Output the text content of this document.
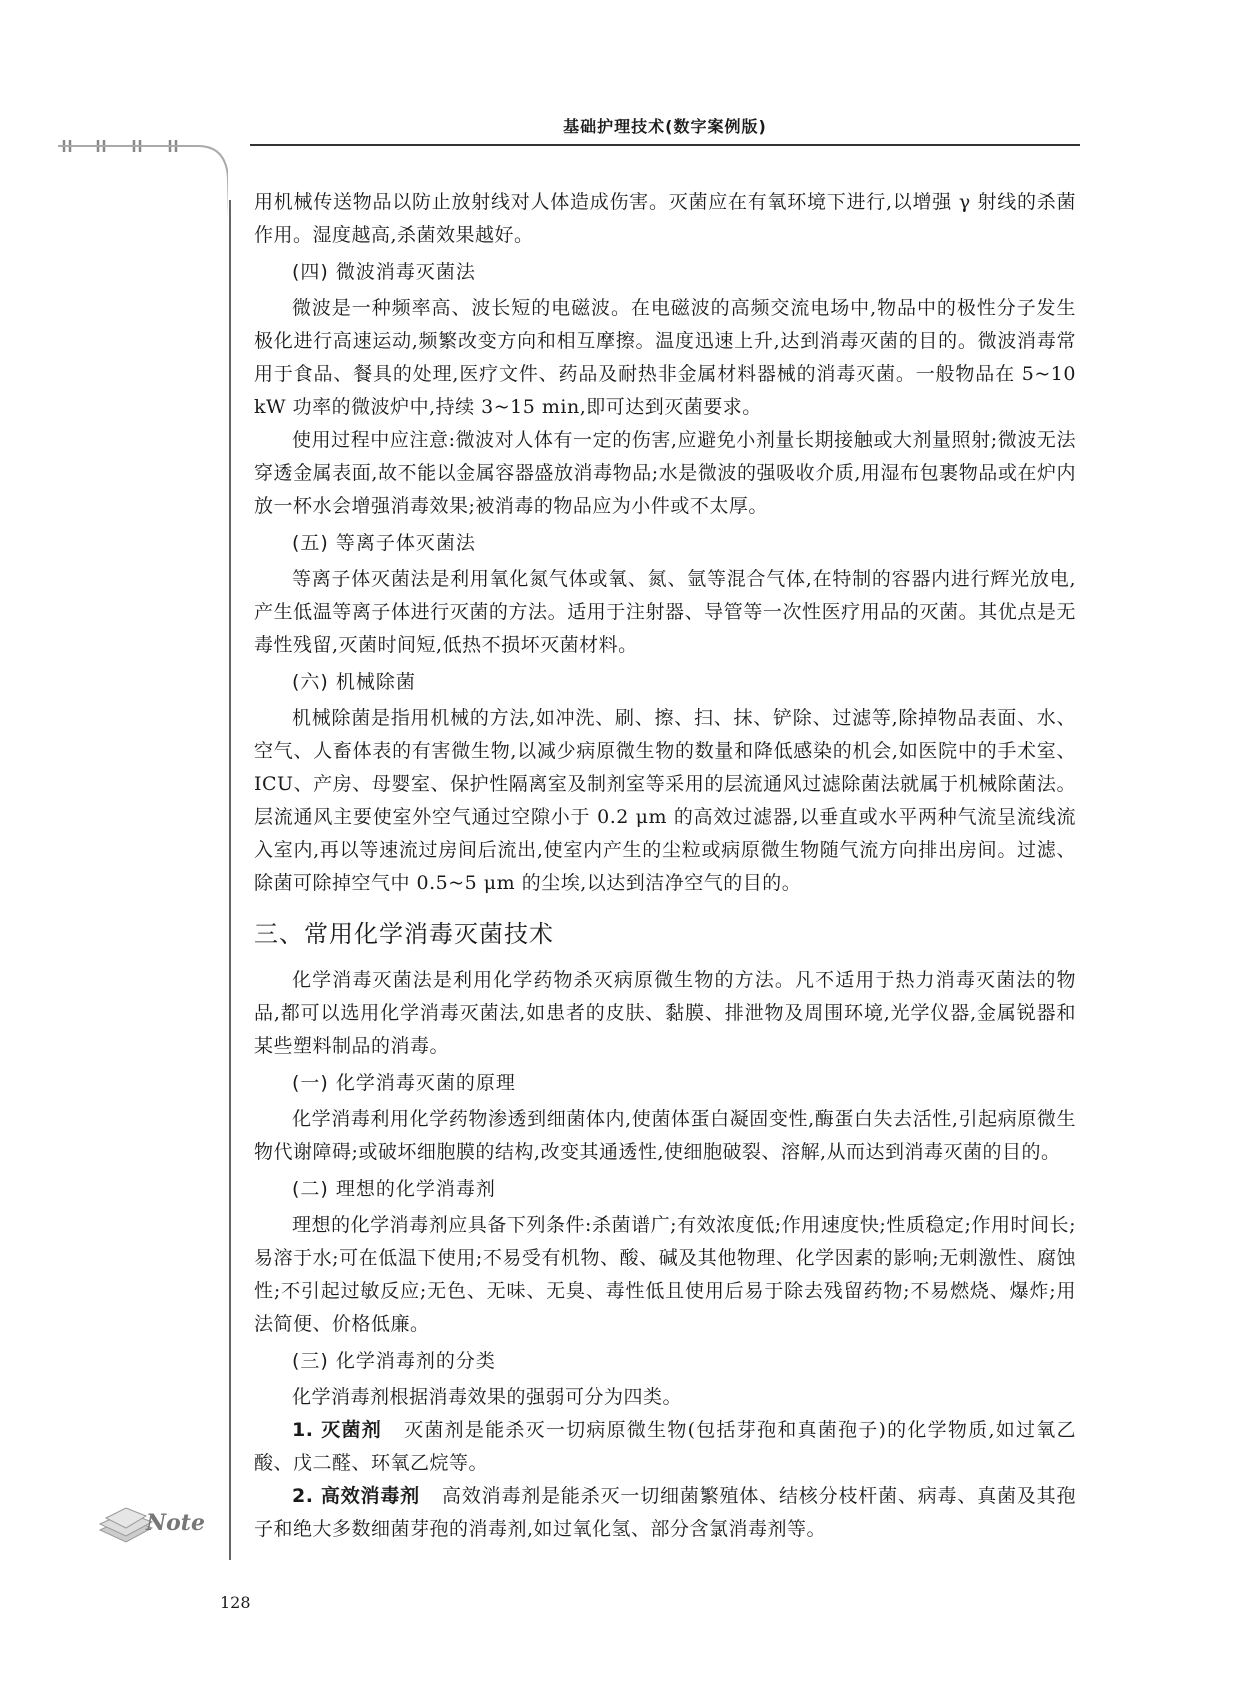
基础护理技术(数字案例版)

用机械传送物品以防止放射线对人体造成伤害。灭菌应在有氧环境下进行,以增强 γ 射线的杀菌作用。湿度越高,杀菌效果越好。

(四) 微波消毒灭菌法

微波是一种频率高、波长短的电磁波。在电磁波的高频交流电场中,物品中的极性分子发生极化进行高速运动,频繁改变方向和相互摩擦。温度迅速上升,达到消毒灭菌的目的。微波消毒常用于食品、餐具的处理,医疗文件、药品及耐热非金属材料器械的消毒灭菌。一般物品在 5~10 kW 功率的微波炉中,持续 3~15 min,即可达到灭菌要求。

使用过程中应注意:微波对人体有一定的伤害,应避免小剂量长期接触或大剂量照射;微波无法穿透金属表面,故不能以金属容器盛放消毒物品;水是微波的强吸收介质,用湿布包裹物品或在炉内放一杯水会增强消毒效果;被消毒的物品应为小件或不太厚。

(五) 等离子体灭菌法

等离子体灭菌法是利用氧化氮气体或氧、氮、氩等混合气体,在特制的容器内进行辉光放电,产生低温等离子体进行灭菌的方法。适用于注射器、导管等一次性医疗用品的灭菌。其优点是无毒性残留,灭菌时间短,低热不损坏灭菌材料。

(六) 机械除菌

机械除菌是指用机械的方法,如冲洗、刷、擦、扫、抹、铲除、过滤等,除掉物品表面、水、空气、人畜体表的有害微生物,以减少病原微生物的数量和降低感染的机会,如医院中的手术室、ICU、产房、母婴室、保护性隔离室及制剂室等采用的层流通风过滤除菌法就属于机械除菌法。层流通风主要使室外空气通过空隙小于 0.2 μm 的高效过滤器,以垂直或水平两种气流呈流线流入室内,再以等速流过房间后流出,使室内产生的尘粒或病原微生物随气流方向排出房间。过滤、除菌可除掉空气中 0.5~5 μm 的尘埃,以达到洁净空气的目的。

三、常用化学消毒灭菌技术

化学消毒灭菌法是利用化学药物杀灭病原微生物的方法。凡不适用于热力消毒灭菌法的物品,都可以选用化学消毒灭菌法,如患者的皮肤、黏膜、排泄物及周围环境,光学仪器,金属锐器和某些塑料制品的消毒。

(一) 化学消毒灭菌的原理

化学消毒利用化学药物渗透到细菌体内,使菌体蛋白凝固变性,酶蛋白失去活性,引起病原微生物代谢障碍;或破坏细胞膜的结构,改变其通透性,使细胞破裂、溶解,从而达到消毒灭菌的目的。

(二) 理想的化学消毒剂

理想的化学消毒剂应具备下列条件:杀菌谱广;有效浓度低;作用速度快;性质稳定;作用时间长;易溶于水;可在低温下使用;不易受有机物、酸、碱及其他物理、化学因素的影响;无刺激性、腐蚀性;不引起过敏反应;无色、无味、无臭、毒性低且使用后易于除去残留药物;不易燃烧、爆炸;用法简便、价格低廉。

(三) 化学消毒剂的分类

化学消毒剂根据消毒效果的强弱可分为四类。

1. 灭菌剂 灭菌剂是能杀灭一切病原微生物(包括芽孢和真菌孢子)的化学物质,如过氧乙酸、戊二醛、环氧乙烷等。

2. 高效消毒剂 高效消毒剂是能杀灭一切细菌繁殖体、结核分枝杆菌、病毒、真菌及其孢子和绝大多数细菌芽孢的消毒剂,如过氧化氢、部分含氯消毒剂等。

Note
128
